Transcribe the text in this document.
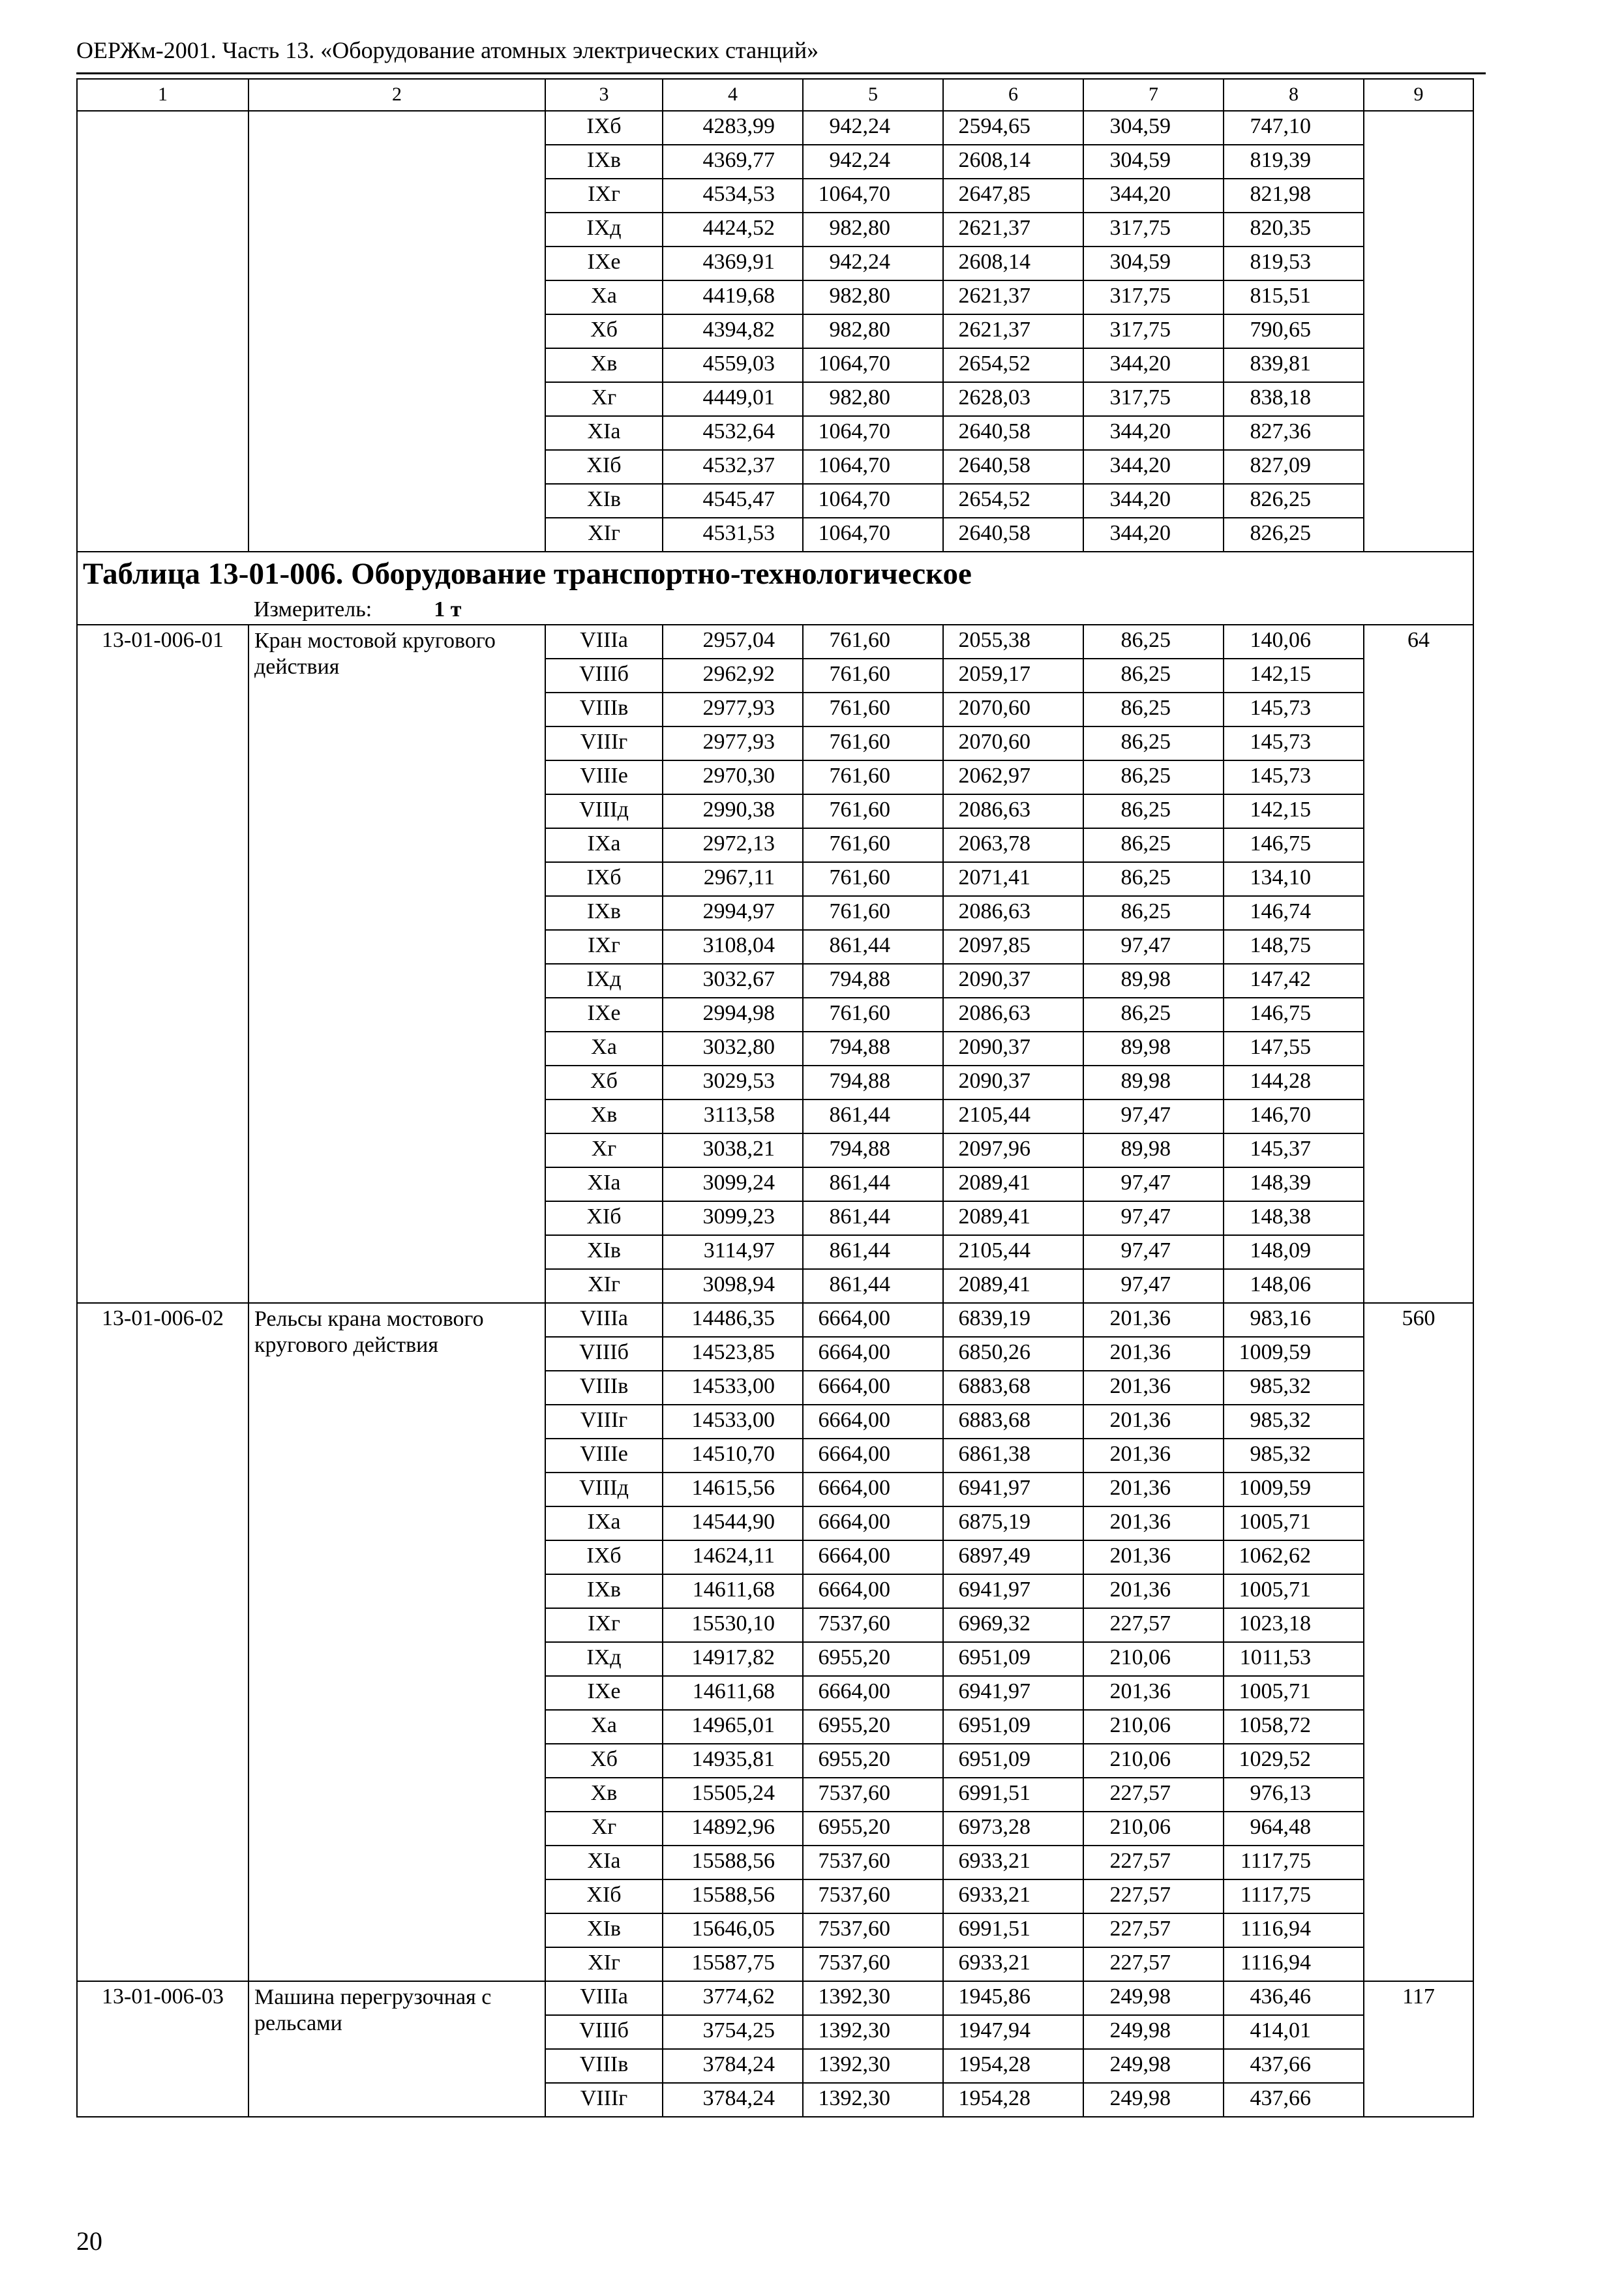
ОЕРЖм-2001. Часть 13. «Оборудование атомных электрических станций»
1	2	3	4	5	6	7	8	9
		IXб	4283,99	942,24	2594,65	304,59	747,10	
		IXв	4369,77	942,24	2608,14	304,59	819,39	
		IXг	4534,53	1064,70	2647,85	344,20	821,98	
		IXд	4424,52	982,80	2621,37	317,75	820,35	
		IXе	4369,91	942,24	2608,14	304,59	819,53	
		Xа	4419,68	982,80	2621,37	317,75	815,51	
		Xб	4394,82	982,80	2621,37	317,75	790,65	
		Xв	4559,03	1064,70	2654,52	344,20	839,81	
		Xг	4449,01	982,80	2628,03	317,75	838,18	
		XIа	4532,64	1064,70	2640,58	344,20	827,36	
		XIб	4532,37	1064,70	2640,58	344,20	827,09	
		XIв	4545,47	1064,70	2654,52	344,20	826,25	
		XIг	4531,53	1064,70	2640,58	344,20	826,25	
Таблица 13-01-006. Оборудование транспортно-технологическое								
	Измеритель: 1 т							
13-01-006-01	Кран мостовой кругового действия	VIIIа	2957,04	761,60	2055,38	86,25	140,06	64
		VIIIб	2962,92	761,60	2059,17	86,25	142,15	
		VIIIв	2977,93	761,60	2070,60	86,25	145,73	
		VIIIг	2977,93	761,60	2070,60	86,25	145,73	
		VIIIе	2970,30	761,60	2062,97	86,25	145,73	
		VIIIд	2990,38	761,60	2086,63	86,25	142,15	
		IXа	2972,13	761,60	2063,78	86,25	146,75	
		IXб	2967,11	761,60	2071,41	86,25	134,10	
		IXв	2994,97	761,60	2086,63	86,25	146,74	
		IXг	3108,04	861,44	2097,85	97,47	148,75	
		IXд	3032,67	794,88	2090,37	89,98	147,42	
		IXе	2994,98	761,60	2086,63	86,25	146,75	
		Xа	3032,80	794,88	2090,37	89,98	147,55	
		Xб	3029,53	794,88	2090,37	89,98	144,28	
		Xв	3113,58	861,44	2105,44	97,47	146,70	
		Xг	3038,21	794,88	2097,96	89,98	145,37	
		XIа	3099,24	861,44	2089,41	97,47	148,39	
		XIб	3099,23	861,44	2089,41	97,47	148,38	
		XIв	3114,97	861,44	2105,44	97,47	148,09	
		XIг	3098,94	861,44	2089,41	97,47	148,06	
13-01-006-02	Рельсы крана мостового кругового действия	VIIIа	14486,35	6664,00	6839,19	201,36	983,16	560
		VIIIб	14523,85	6664,00	6850,26	201,36	1009,59	
		VIIIв	14533,00	6664,00	6883,68	201,36	985,32	
		VIIIг	14533,00	6664,00	6883,68	201,36	985,32	
		VIIIе	14510,70	6664,00	6861,38	201,36	985,32	
		VIIIд	14615,56	6664,00	6941,97	201,36	1009,59	
		IXа	14544,90	6664,00	6875,19	201,36	1005,71	
		IXб	14624,11	6664,00	6897,49	201,36	1062,62	
		IXв	14611,68	6664,00	6941,97	201,36	1005,71	
		IXг	15530,10	7537,60	6969,32	227,57	1023,18	
		IXд	14917,82	6955,20	6951,09	210,06	1011,53	
		IXе	14611,68	6664,00	6941,97	201,36	1005,71	
		Xа	14965,01	6955,20	6951,09	210,06	1058,72	
		Xб	14935,81	6955,20	6951,09	210,06	1029,52	
		Xв	15505,24	7537,60	6991,51	227,57	976,13	
		Xг	14892,96	6955,20	6973,28	210,06	964,48	
		XIа	15588,56	7537,60	6933,21	227,57	1117,75	
		XIб	15588,56	7537,60	6933,21	227,57	1117,75	
		XIв	15646,05	7537,60	6991,51	227,57	1116,94	
		XIг	15587,75	7537,60	6933,21	227,57	1116,94	
13-01-006-03	Машина перегрузочная с рельсами	VIIIа	3774,62	1392,30	1945,86	249,98	436,46	117
		VIIIб	3754,25	1392,30	1947,94	249,98	414,01	
		VIIIв	3784,24	1392,30	1954,28	249,98	437,66	
		VIIIг	3784,24	1392,30	1954,28	249,98	437,66	
20
